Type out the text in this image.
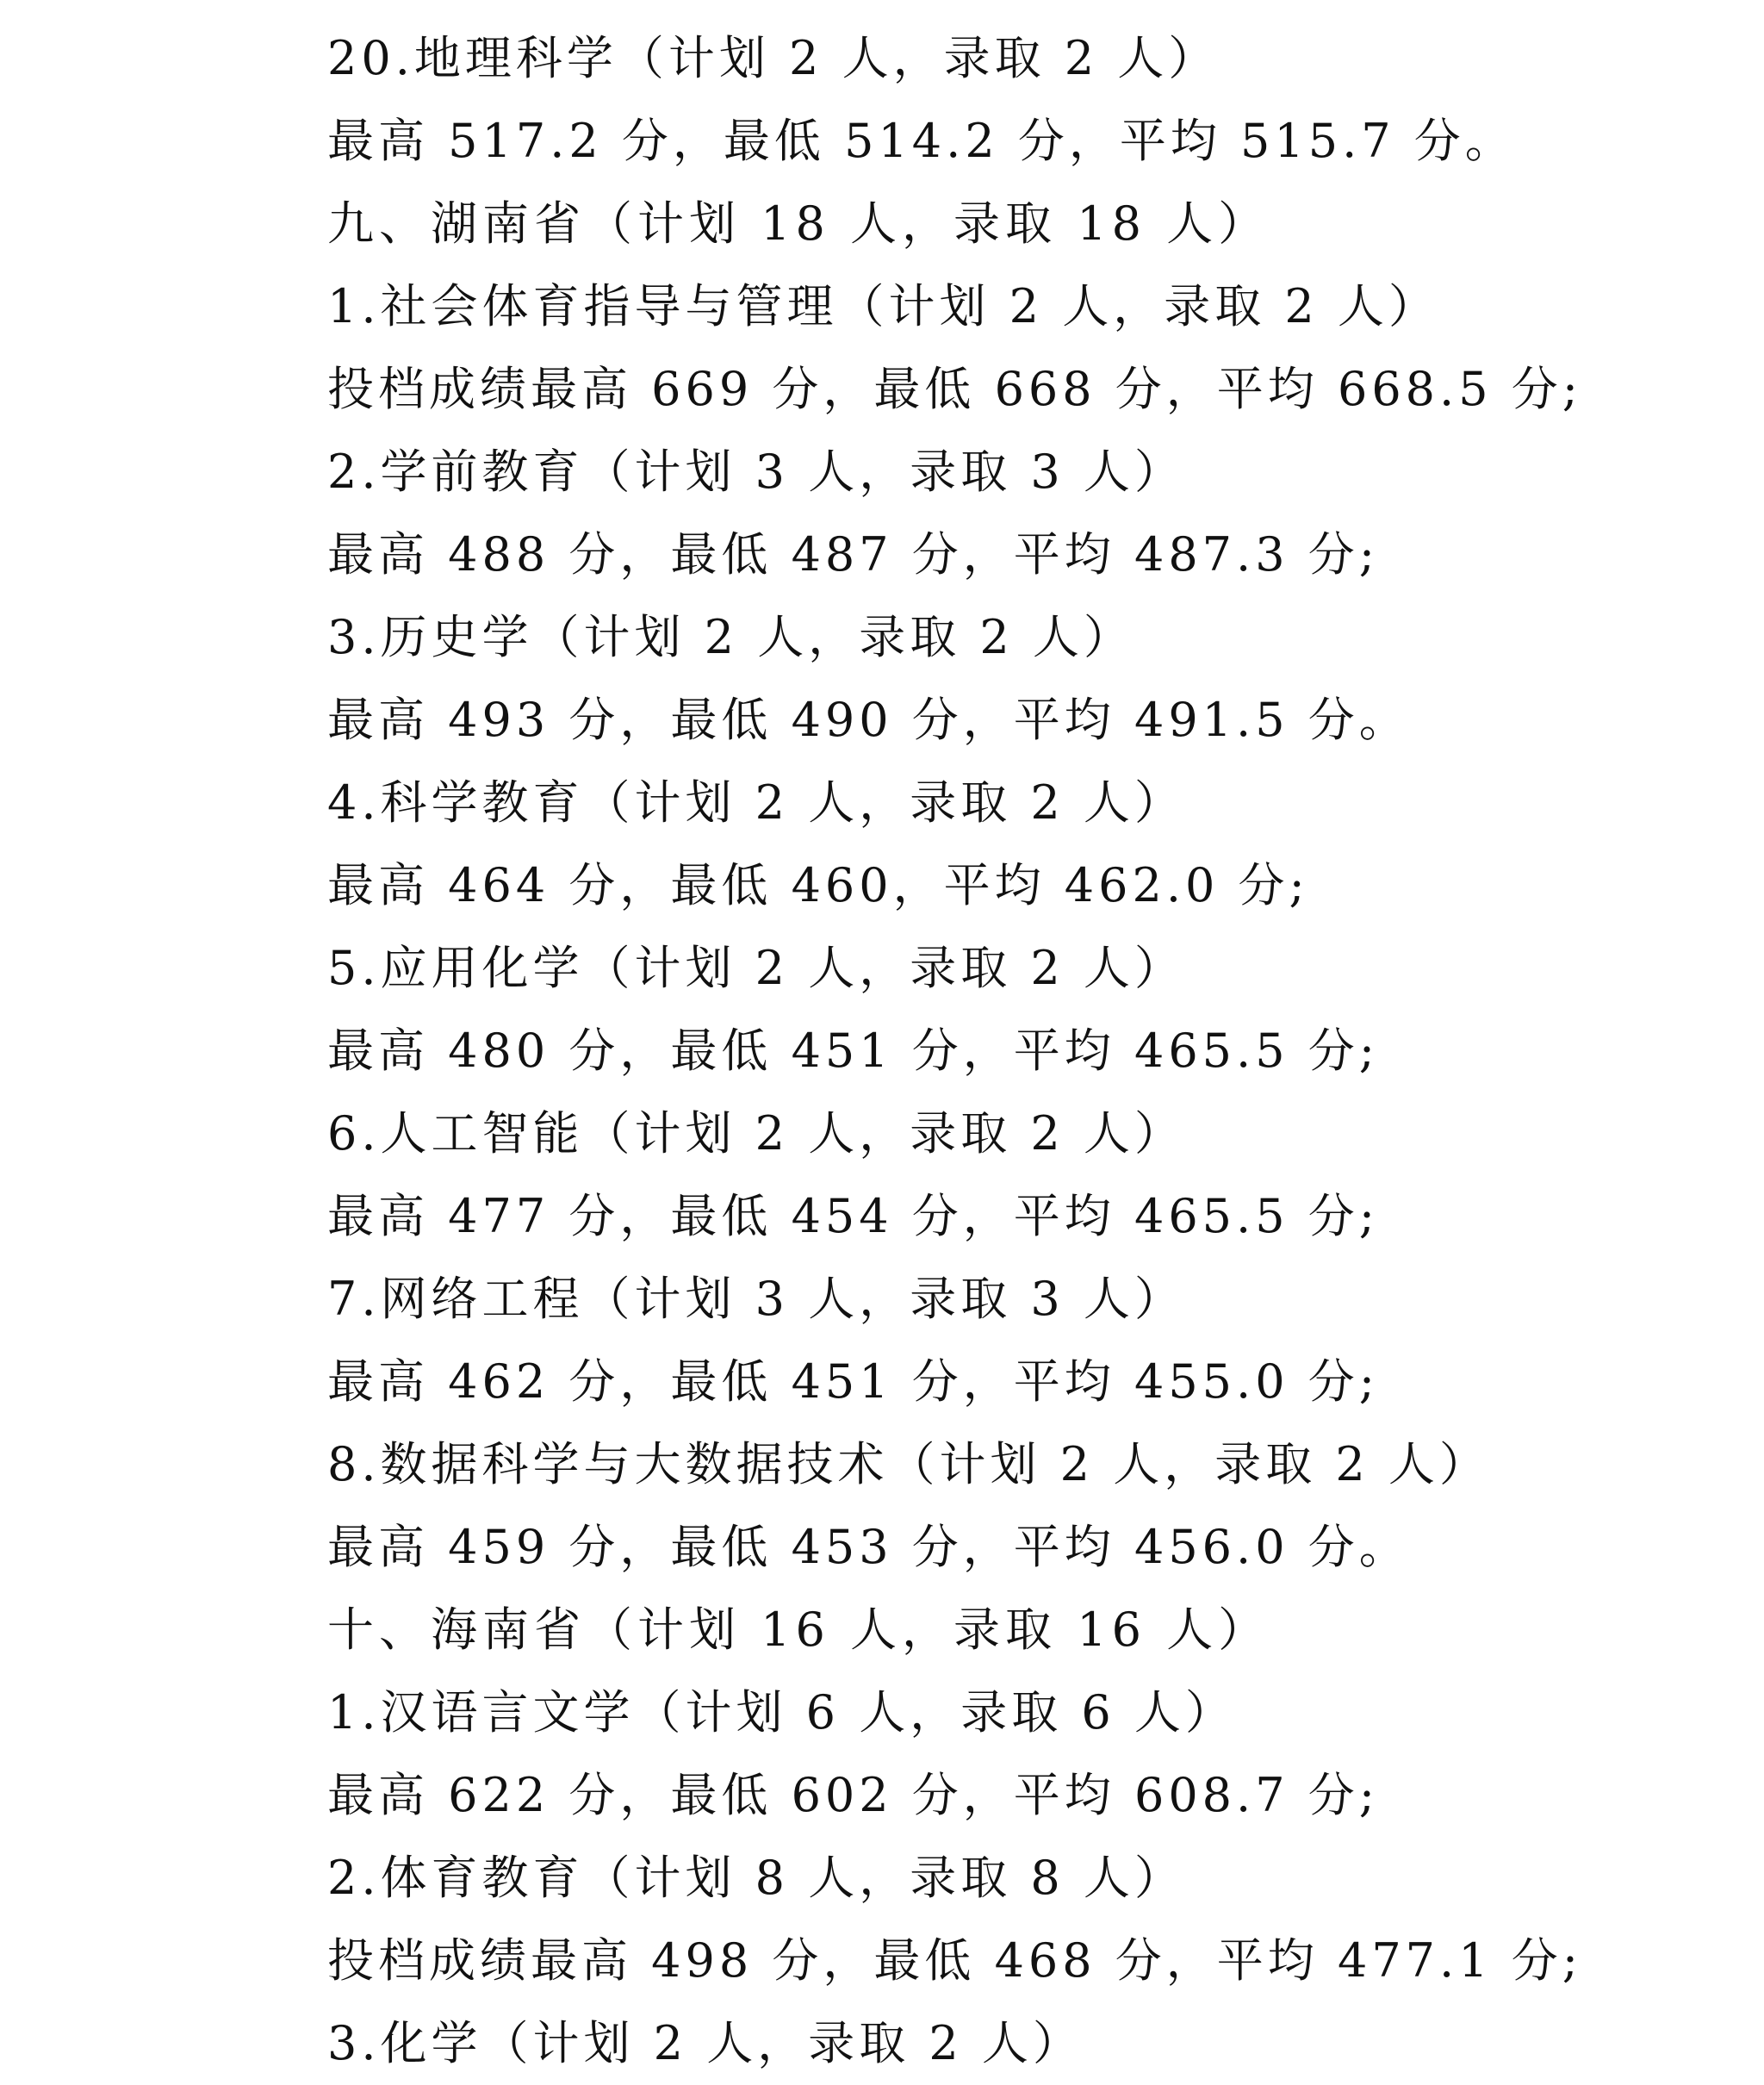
20.地理科学（计划 2 人，录取 2 人）
最高 517.2 分，最低 514.2 分，平均 515.7 分。
九、湖南省（计划 18 人，录取 18 人）
1.社会体育指导与管理（计划 2 人，录取 2 人）
投档成绩最高 669 分，最低 668 分，平均 668.5 分;
2.学前教育（计划 3 人，录取 3 人）
最高 488 分，最低 487 分，平均 487.3 分;
3.历史学（计划 2 人，录取 2 人）
最高 493 分，最低 490 分，平均 491.5 分。
4.科学教育（计划 2 人，录取 2 人）
最高 464 分，最低 460，平均 462.0 分;
5.应用化学（计划 2 人，录取 2 人）
最高 480 分，最低 451 分，平均 465.5 分;
6.人工智能（计划 2 人，录取 2 人）
最高 477 分，最低 454 分，平均 465.5 分;
7.网络工程（计划 3 人，录取 3 人）
最高 462 分，最低 451 分，平均 455.0 分;
8.数据科学与大数据技术（计划 2 人，录取 2 人）
最高 459 分，最低 453 分，平均 456.0 分。
十、海南省（计划 16 人，录取 16 人）
1.汉语言文学（计划 6 人，录取 6 人）
最高 622 分，最低 602 分，平均 608.7 分;
2.体育教育（计划 8 人，录取 8 人）
投档成绩最高 498 分，最低 468 分，平均 477.1 分;
3.化学（计划 2 人，录取 2 人）
